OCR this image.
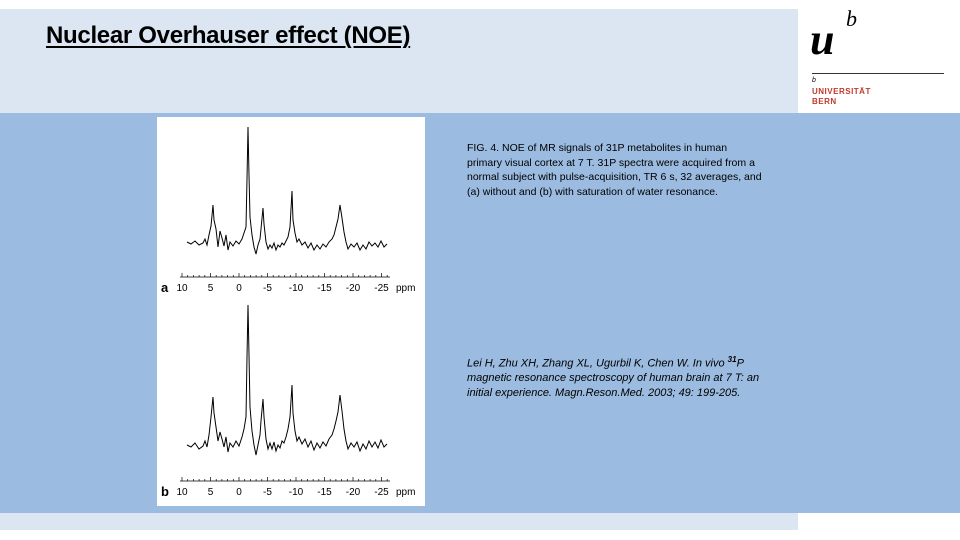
Nuclear Overhauser effect (NOE)	u b
b
UNIVERSITÄT
BERN
a 10 5 0 -5 -10 -15 -20 -25 ppm
b 10 5 0 -5 -10 -15 -20 -25 ppm
FIG. 4. NOE of MR signals of 31P metabolites in human primary visual cortex at 7 T. 31P spectra were acquired from a normal subject with pulse-acquisition, TR 6 s, 32 averages, and (a) without and (b) with saturation of water resonance.
Lei H, Zhu XH, Zhang XL, Ugurbil K, Chen W. In vivo $^{31}$P magnetic resonance spectroscopy of human brain at 7 T: an initial experience. Magn.Reson.Med. 2003; 49: 199-205.
